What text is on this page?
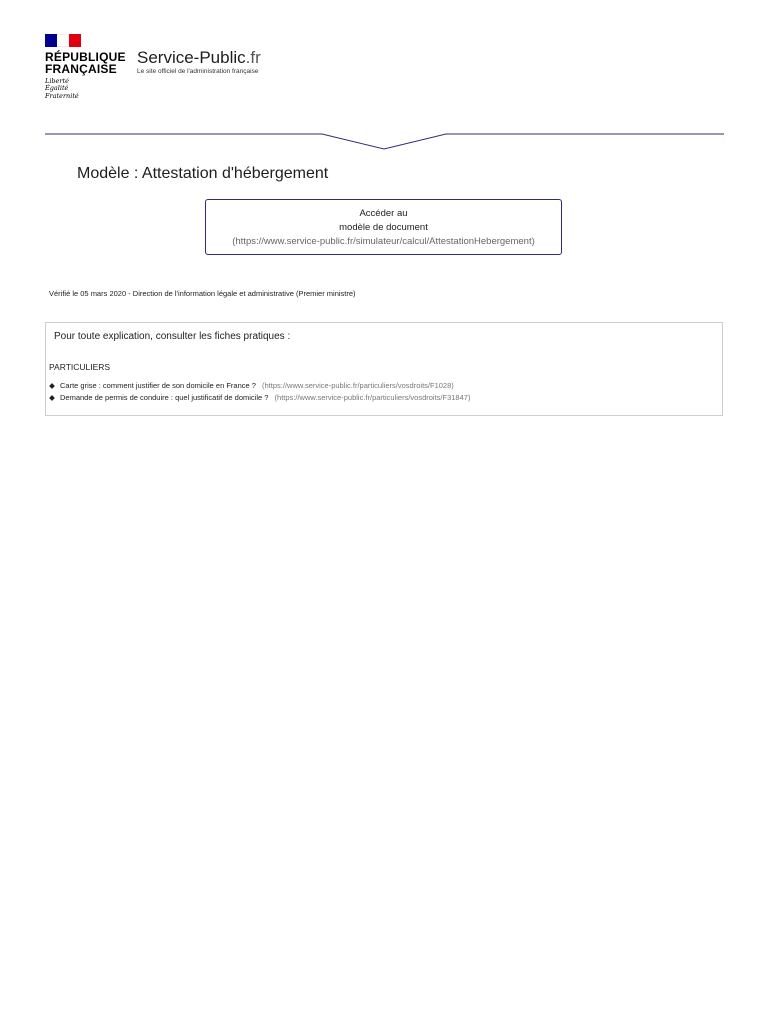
RÉPUBLIQUE
FRANÇAISE
Liberté
Égalité
Fraternité
Service-Public.fr
Le site officiel de l'administration française
Modèle : Attestation d'hébergement
Accéder au
modèle de document
(https://www.service-public.fr/simulateur/calcul/AttestationHebergement)
Vérifié le 05 mars 2020 - Direction de l'information légale et administrative (Premier ministre)
Pour toute explication, consulter les fiches pratiques :
PARTICULIERS
Carte grise : comment justifier de son domicile en France ? (https://www.service-public.fr/particuliers/vosdroits/F1028)
Demande de permis de conduire : quel justificatif de domicile ? (https://www.service-public.fr/particuliers/vosdroits/F31847)
